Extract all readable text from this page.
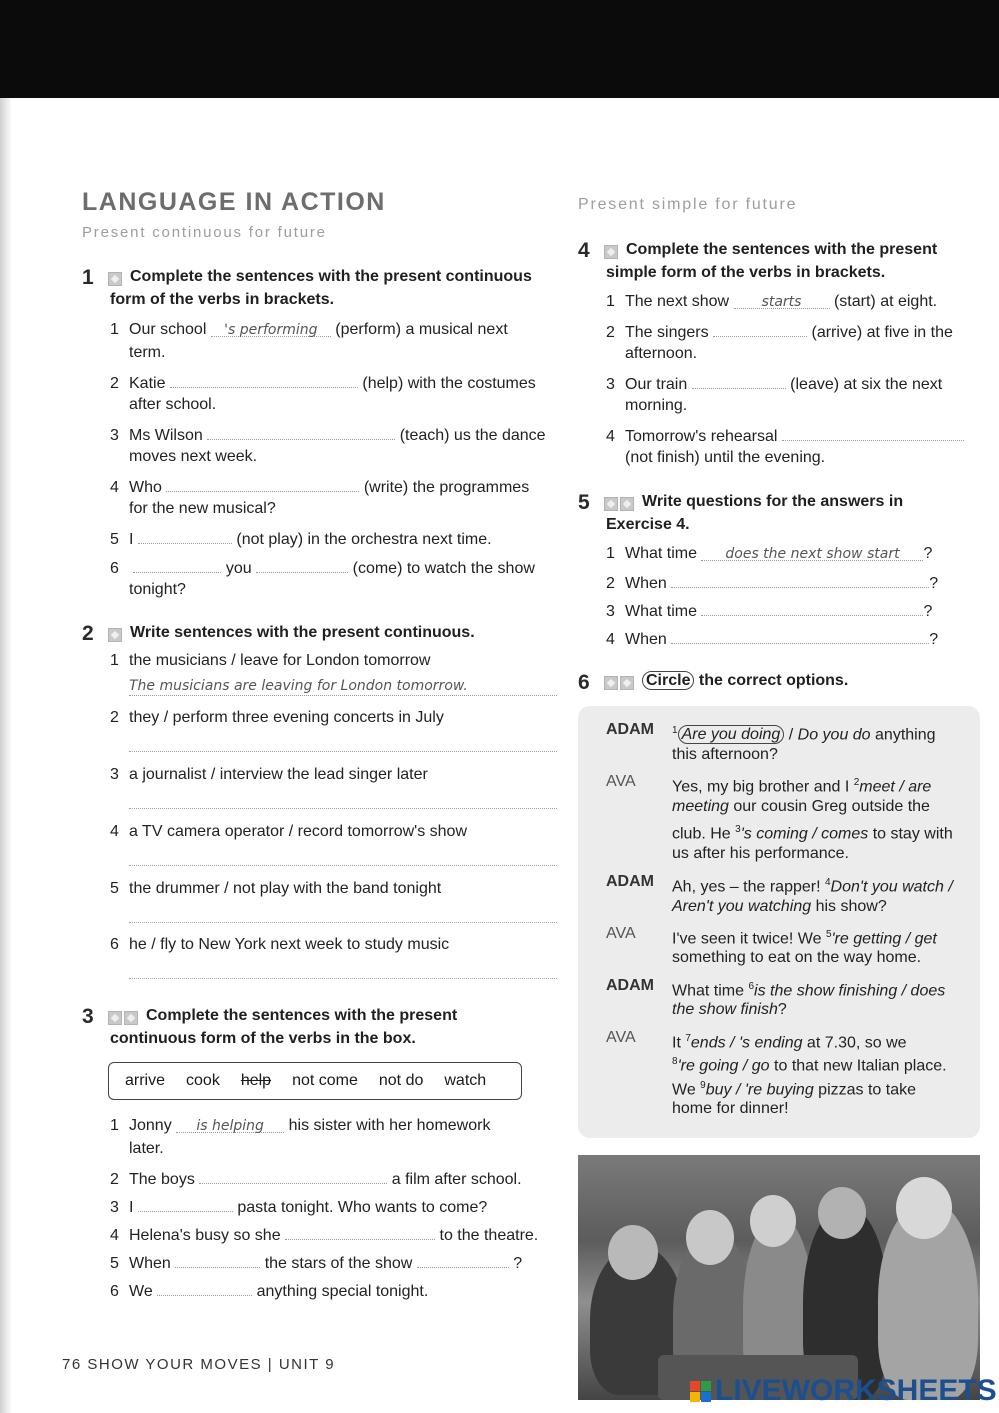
LANGUAGE IN ACTION
Present continuous for future
1	Complete the sentences with the present continuous
form of the verbs in brackets.
1 Our school 's performing (perform) a musical next
term.
2 Katie	(help) with the costumes
after school.
3 Ms Wilson	(teach) us the dance
moves next week.
4 Who	(write) the programmes
for the new musical?
5 I	(not play) in the orchestra next time.
6	you	(come) to watch the show
tonight?
2	Write sentences with the present continuous.
1 the musicians / leave for London tomorrow
The musicians are leaving for London tomorrow.
2 they / perform three evening concerts in July
3 a journalist / interview the lead singer later
4 a TV camera operator / record tomorrow's show
5 the drummer / not play with the band tonight
6 he / fly to New York next week to study music
3	Complete the sentences with the present
continuous form of the verbs in the box.
arrive cook help not come not do watch
1 Jonny is helping his sister with her homework
later.
2 The boys	a film after school.
3 I	pasta tonight. Who wants to come?
4 Helena's busy so she	to the theatre.
5 When	the stars of the show	?
6 We	anything special tonight.
76 SHOW YOUR MOVES | UNIT 9
Present simple for future
4	Complete the sentences with the present
simple form of the verbs in brackets.
1 The next show starts (start) at eight.
2 The singers	(arrive) at five in the
afternoon.
3 Our train	(leave) at six the next
morning.
4 Tomorrow's rehearsal
(not finish) until the evening.
5	Write questions for the answers in
Exercise 4.
1 What time does the next show start ?
2 When	?
3 What time	?
4 When	?
6	Circle the correct options.
ADAM $^1$ Are you doing / Do you do anything
this afternoon?
AVA Yes, my big brother and I $^2$meet / are
meeting our cousin Greg outside the
club. He $^3$'s coming / comes to stay with
us after his performance.
ADAM Ah, yes – the rapper! $^4$Don't you watch /
Aren't you watching his show?
AVA I've seen it twice! We $^5$'re getting / get
something to eat on the way home.
ADAM What time $^6$is the show finishing / does
the show finish?
AVA It $^7$ends / 's ending at 7.30, so we
$^8$'re going / go to that new Italian place.
We $^9$buy / 're buying pizzas to take
home for dinner!
LIVEWORKSHEETS
